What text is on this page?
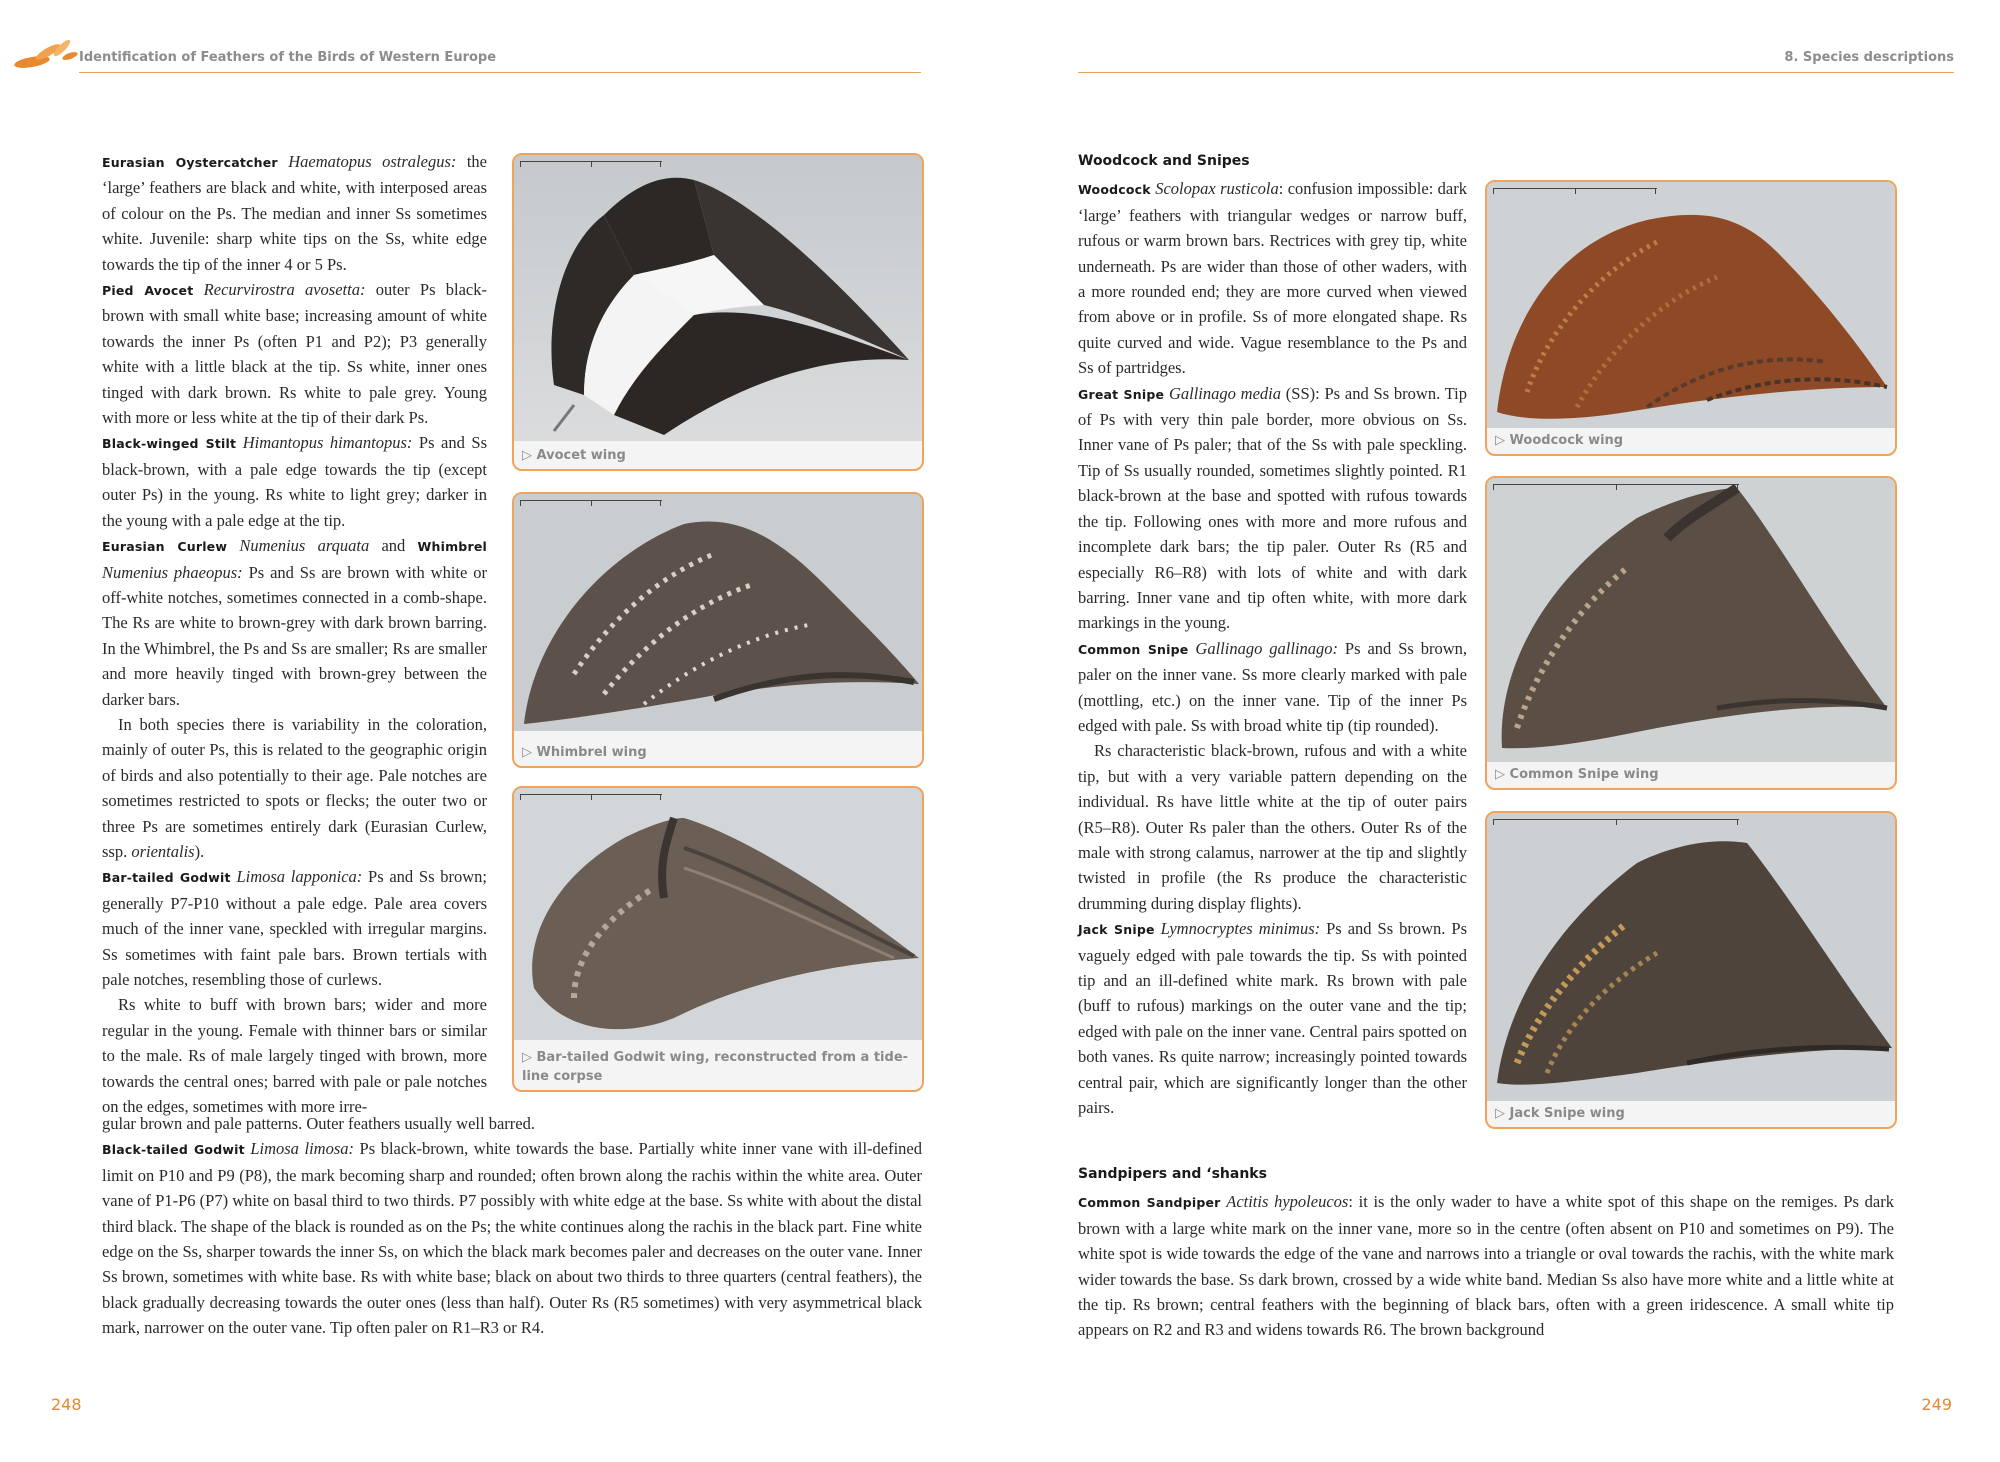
Identification of Feathers of the Birds of Western Europe

Eurasian Oystercatcher Haematopus ostralegus: the ‘large’ feathers are black and white, with interposed areas of colour on the Ps. The median and inner Ss sometimes white. Juvenile: sharp white tips on the Ss, white edge towards the tip of the inner 4 or 5 Ps.

Pied Avocet Recurvirostra avosetta: outer Ps black-brown with small white base; increasing amount of white towards the inner Ps (often P1 and P2); P3 generally white with a little black at the tip. Ss white, inner ones tinged with dark brown. Rs white to pale grey. Young with more or less white at the tip of their dark Ps.

Black-winged Stilt Himantopus himantopus: Ps and Ss black-brown, with a pale edge towards the tip (except outer Ps) in the young. Rs white to light grey; darker in the young with a pale edge at the tip.

Eurasian Curlew Numenius arquata and Whimbrel Numenius phaeopus: Ps and Ss are brown with white or off-white notches, sometimes connected in a comb-shape. The Rs are white to brown-grey with dark brown barring. In the Whimbrel, the Ps and Ss are smaller; Rs are smaller and more heavily tinged with brown-grey between the darker bars.

In both species there is variability in the coloration, mainly of outer Ps, this is related to the geographic origin of birds and also potentially to their age. Pale notches are sometimes restricted to spots or flecks; the outer two or three Ps are sometimes entirely dark (Eurasian Curlew, ssp. orientalis).

Bar-tailed Godwit Limosa lapponica: Ps and Ss brown; generally P7-P10 without a pale edge. Pale area covers much of the inner vane, speckled with irregular margins. Ss sometimes with faint pale bars. Brown tertials with pale notches, resembling those of curlews.

Rs white to buff with brown bars; wider and more regular in the young. Female with thinner bars or similar to the male. Rs of male largely tinged with brown, more towards the central ones; barred with pale or pale notches on the edges, sometimes with more irre-

gular brown and pale patterns. Outer feathers usually well barred.

Black-tailed Godwit Limosa limosa: Ps black-brown, white towards the base. Partially white inner vane with ill-defined limit on P10 and P9 (P8), the mark becoming sharp and rounded; often brown along the rachis within the white area. Outer vane of P1-P6 (P7) white on basal third to two thirds. P7 possibly with white edge at the base. Ss white with about the distal third black. The shape of the black is rounded as on the Ps; the white continues along the rachis in the black part. Fine white edge on the Ss, sharper towards the inner Ss, on which the black mark becomes paler and decreases on the outer vane. Inner Ss brown, sometimes with white base. Rs with white base; black on about two thirds to three quarters (central feathers), the black gradually decreasing towards the outer ones (less than half). Outer Rs (R5 sometimes) with very asymmetrical black mark, narrower on the outer vane. Tip often paler on R1–R3 or R4.

▷ Avocet wing
▷ Whimbrel wing
▷ Bar-tailed Godwit wing, reconstructed from a tide-line corpse
248
8. Species descriptions
Woodcock and Snipes

Woodcock Scolopax rusticola: confusion impossible: dark ‘large’ feathers with triangular wedges or narrow buff, rufous or warm brown bars. Rectrices with grey tip, white underneath. Ps are wider than those of other waders, with a more rounded end; they are more curved when viewed from above or in profile. Ss of more elongated shape. Rs quite curved and wide. Vague resemblance to the Ps and Ss of partridges.

Great Snipe Gallinago media (SS): Ps and Ss brown. Tip of Ps with very thin pale border, more obvious on Ss. Inner vane of Ps paler; that of the Ss with pale speckling. Tip of Ss usually rounded, sometimes slightly pointed. R1 black-brown at the base and spotted with rufous towards the tip. Following ones with more and more rufous and incomplete dark bars; the tip paler. Outer Rs (R5 and especially R6–R8) with lots of white and with dark barring. Inner vane and tip often white, with more dark markings in the young.

Common Snipe Gallinago gallinago: Ps and Ss brown, paler on the inner vane. Ss more clearly marked with pale (mottling, etc.) on the inner vane. Tip of the inner Ps edged with pale. Ss with broad white tip (tip rounded).

Rs characteristic black-brown, rufous and with a white tip, but with a very variable pattern depending on the individual. Rs have little white at the tip of outer pairs (R5–R8). Outer Rs paler than the others. Outer Rs of the male with strong calamus, narrower at the tip and slightly twisted in profile (the Rs produce the characteristic drumming during display flights).

Jack Snipe Lymnocryptes minimus: Ps and Ss brown. Ps vaguely edged with pale towards the tip. Ss with pointed tip and an ill-defined white mark. Rs brown with pale (buff to rufous) markings on the outer vane and the tip; edged with pale on the inner vane. Central pairs spotted on both vanes. Rs quite narrow; increasingly pointed towards central pair, which are significantly longer than the other pairs.

Sandpipers and ‘shanks

Common Sandpiper Actitis hypoleucos: it is the only wader to have a white spot of this shape on the remiges. Ps dark brown with a large white mark on the inner vane, more so in the centre (often absent on P10 and sometimes on P9). The white spot is wide towards the edge of the vane and narrows into a triangle or oval towards the rachis, with the white mark wider towards the base. Ss dark brown, crossed by a wide white band. Median Ss also have more white and a little white at the tip. Rs brown; central feathers with the beginning of black bars, often with a green iridescence. A small white tip appears on R2 and R3 and widens towards R6. The brown background

▷ Woodcock wing
▷ Common Snipe wing
▷ Jack Snipe wing
249
